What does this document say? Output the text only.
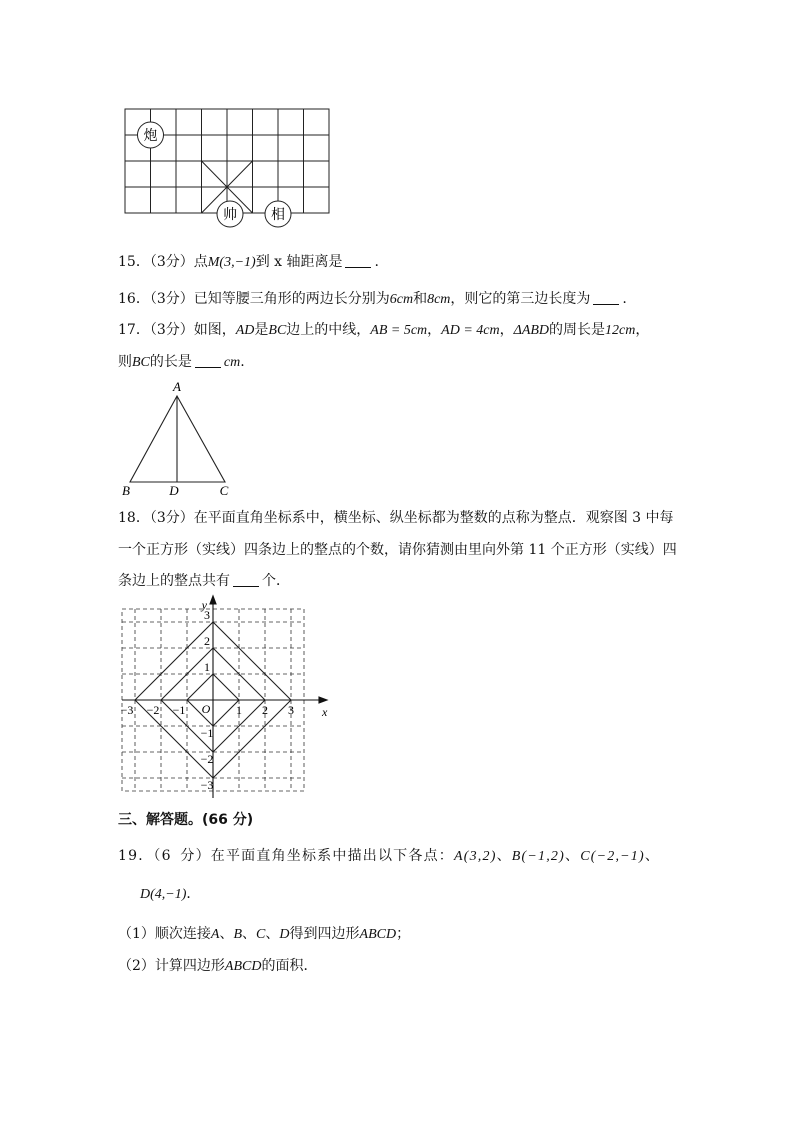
炮
帅 相
15．（3分）点M(3,−1)到 x 轴距离是 .
16．（3分）已知等腰三角形的两边长分别为6cm和8cm，则它的第三边长度为 .
17．（3分）如图，AD是BC边上的中线，AB = 5cm，AD = 4cm，ΔABD的周长是12cm，
则BC的长是 cm.
A
B	D	C
18．（3分）在平面直角坐标系中，横坐标、纵坐标都为整数的点称为整点．观察图 3 中每
一个正方形（实线）四条边上的整点的个数，请你猜测由里向外第 11 个正方形（实线）四
条边上的整点共有 个．
x
y
O
−3 −2 −1	1 2 3
3
2
1
−1
−2
−3
三、解答题。(66 分)
19．（6 分）在平面直角坐标系中描出以下各点：A(3,2)、B(−1,2)、C(−2,−1)、
D(4,−1)．
（1）顺次连接A、B、C、D得到四边形ABCD；
（2）计算四边形ABCD的面积．
